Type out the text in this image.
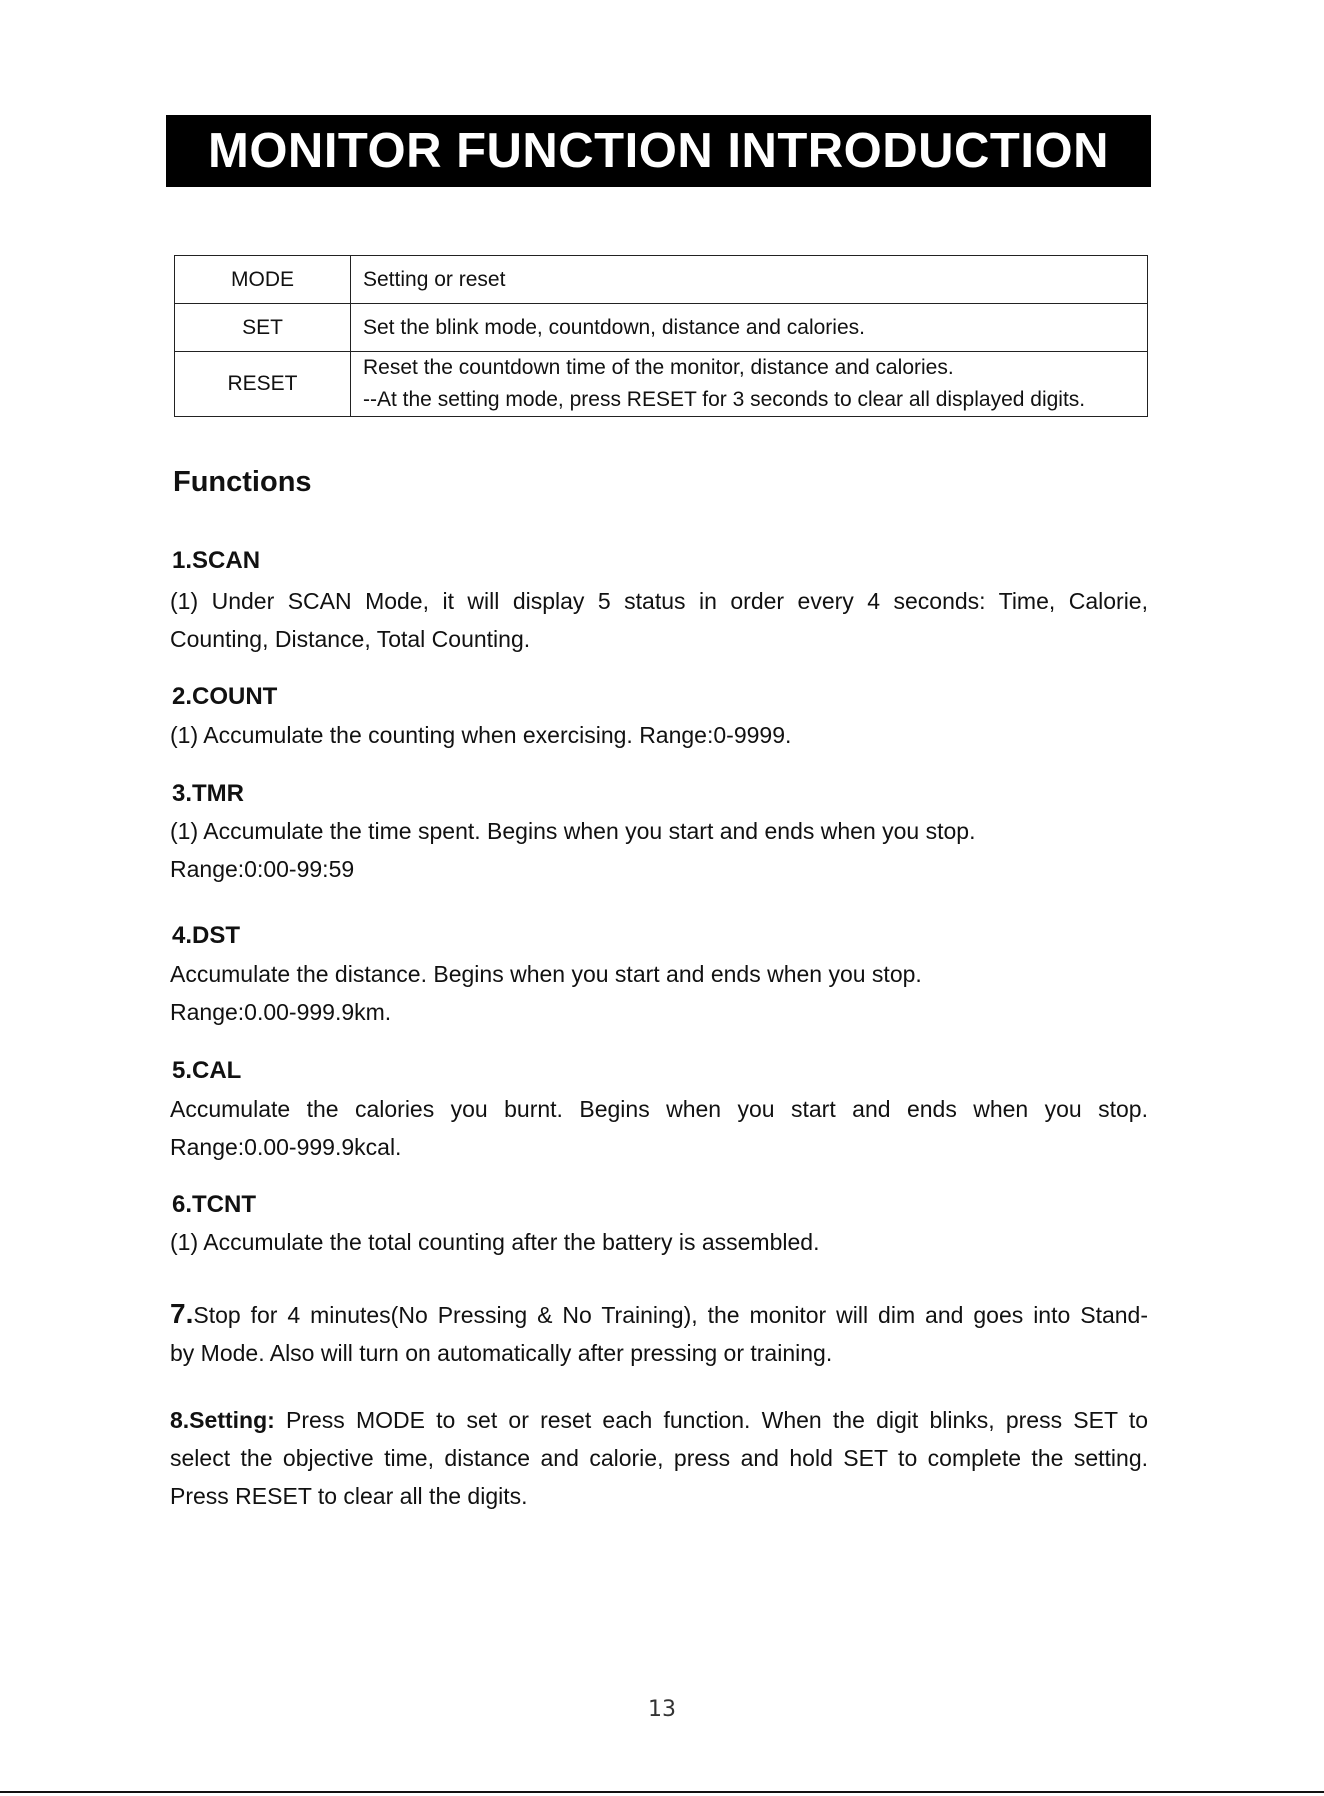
MONITOR FUNCTION INTRODUCTION
MODE	Setting or reset

SET	Set the blink mode, countdown, distance and calories.

RESET	Reset the countdown time of the monitor, distance and calories.
--At the setting mode, press RESET for 3 seconds to clear all displayed digits.
Functions
1.SCAN
(1) Under SCAN Mode, it will display 5 status in order every 4 seconds: Time, Calorie,
Counting, Distance, Total Counting.
2.COUNT
(1) Accumulate the counting when exercising. Range:0-9999.
3.TMR
(1) Accumulate the time spent. Begins when you start and ends when you stop.
Range:0:00-99:59
4.DST
Accumulate the distance. Begins when you start and ends when you stop.
Range:0.00-999.9km.
5.CAL
Accumulate the calories you burnt. Begins when you start and ends when you stop.
Range:0.00-999.9kcal.
6.TCNT
(1) Accumulate the total counting after the battery is assembled.
7.Stop for 4 minutes(No Pressing & No Training), the monitor will dim and goes into Stand-
by Mode. Also will turn on automatically after pressing or training.
8.Setting: Press MODE to set or reset each function. When the digit blinks, press SET to
select the objective time, distance and calorie, press and hold SET to complete the setting.
Press RESET to clear all the digits.
13
